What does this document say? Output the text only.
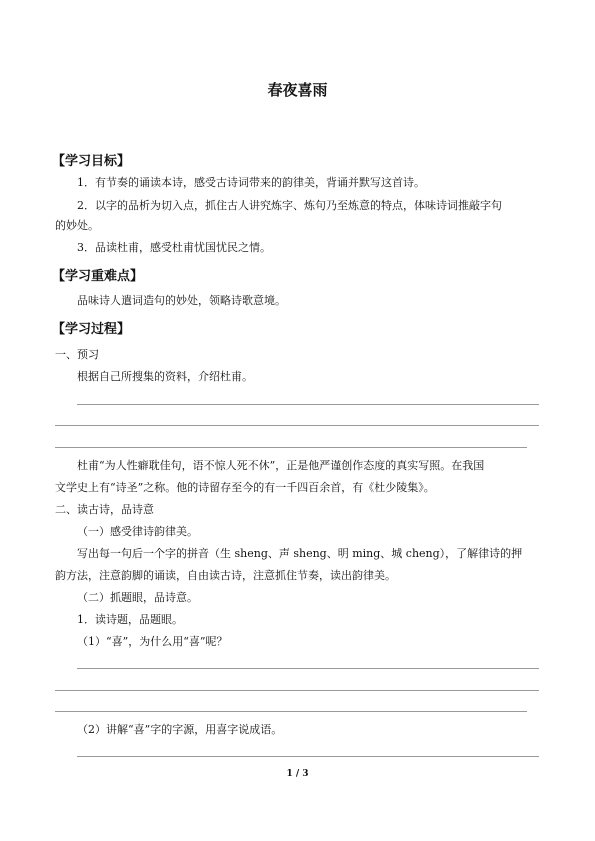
春夜喜雨
【学习目标】
1．有节奏的诵读本诗，感受古诗词带来的韵律美，背诵并默写这首诗。
2．以字的品析为切入点，抓住古人讲究炼字、炼句乃至炼意的特点，体味诗词推敲字句
的妙处。
3．品读杜甫，感受杜甫忧国忧民之情。
【学习重难点】
品味诗人遣词造句的妙处，领略诗歌意境。
【学习过程】
一、预习
根据自己所搜集的资料，介绍杜甫。
杜甫“为人性癖耽佳句，语不惊人死不休”，正是他严谨创作态度的真实写照。在我国
文学史上有“诗圣”之称。他的诗留存至今的有一千四百余首，有《杜少陵集》。
二、读古诗，品诗意
（一）感受律诗韵律美。
写出每一句后一个字的拼音（生 sheng、声 sheng、明 ming、城 cheng），了解律诗的押
韵方法，注意韵脚的诵读，自由读古诗，注意抓住节奏，读出韵律美。
（二）抓题眼，品诗意。
1．读诗题，品题眼。
（1）“喜”，为什么用“喜”呢？
（2）讲解“喜”字的字源，用喜字说成语。
1 / 3
